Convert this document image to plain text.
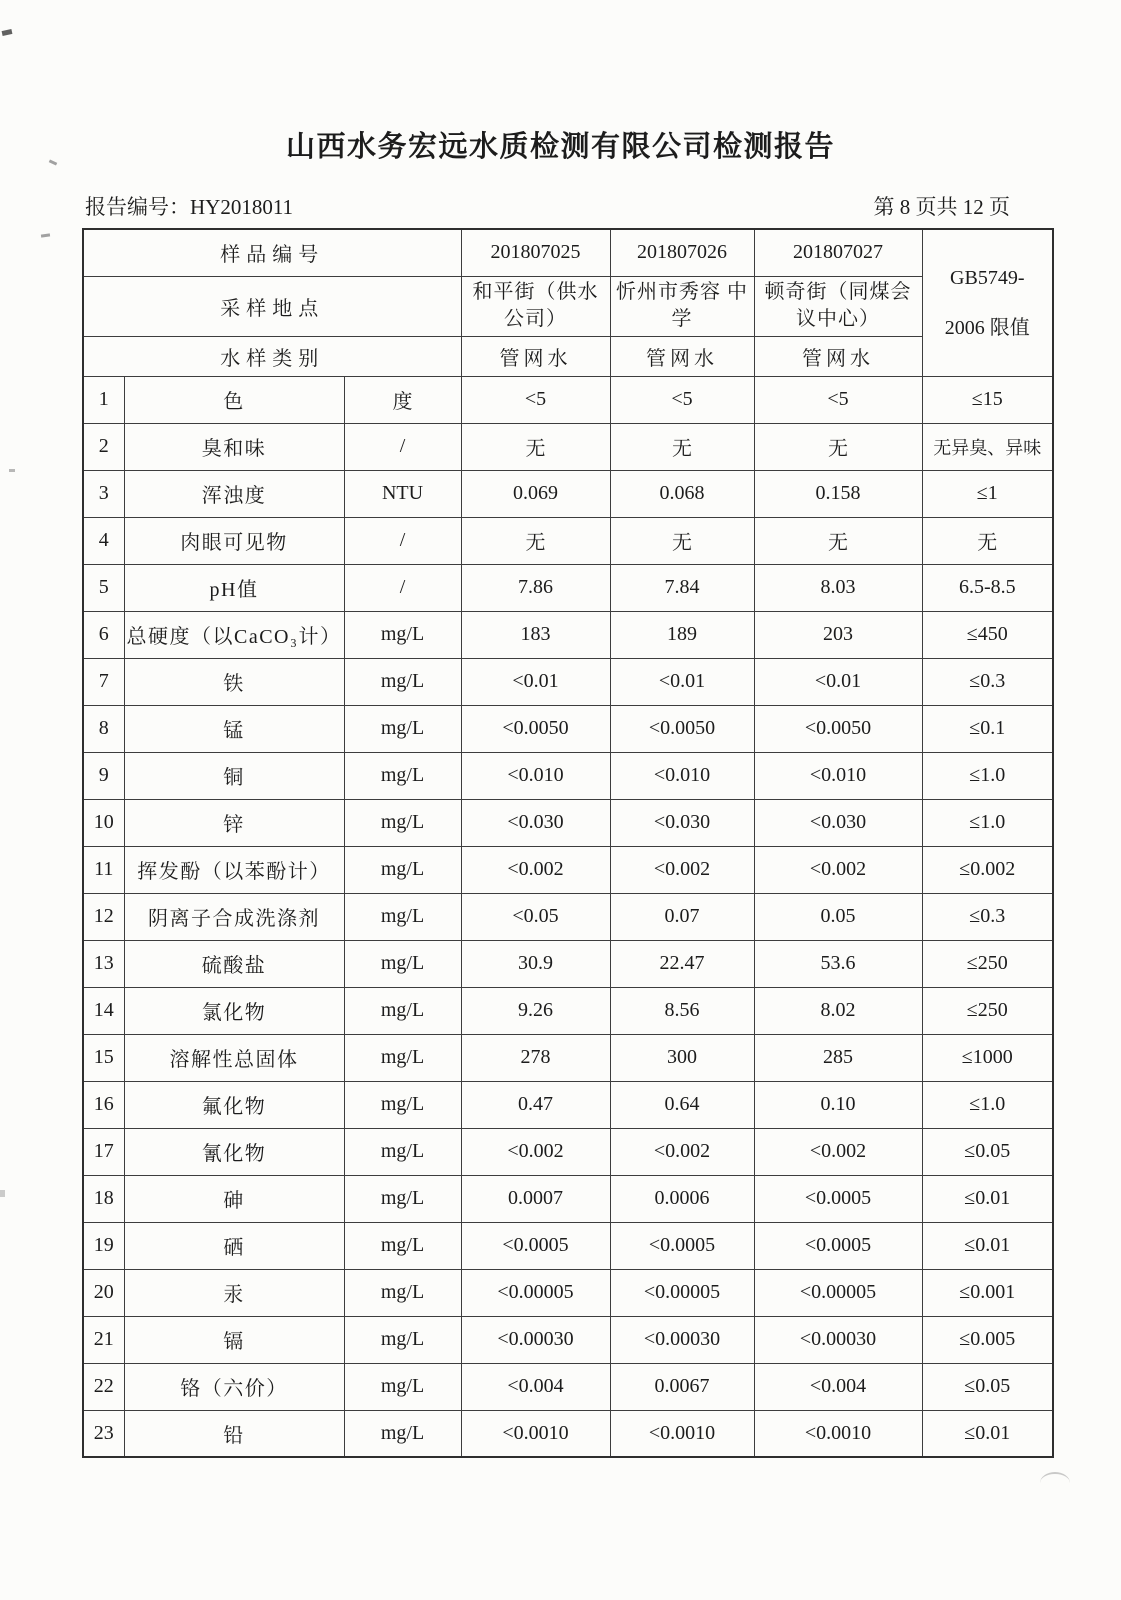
山西水务宏远水质检测有限公司检测报告
报告编号：HY2018011	第 8 页共 12 页
样品编号			201807025	201807026	201807027	GB5749-
2006 限值

采样地点			和平街（供水 公司）	忻州市秀容 中学	顿奇街（同煤会 议中心）	
水样类别			管网水	管网水	管网水	
1	色	度	<5	<5	<5	≤15
2	臭和味	/	无	无	无	无异臭、异味
3	浑浊度	NTU	0.069	0.068	0.158	≤1
4	肉眼可见物	/	无	无	无	无
5	pH值	/	7.86	7.84	8.03	6.5-8.5
6	总硬度（以CaCO₃计）	mg/L	183	189	203	≤450
7	铁	mg/L	<0.01	<0.01	<0.01	≤0.3
8	锰	mg/L	<0.0050	<0.0050	<0.0050	≤0.1
9	铜	mg/L	<0.010	<0.010	<0.010	≤1.0
10	锌	mg/L	<0.030	<0.030	<0.030	≤1.0
11	挥发酚（以苯酚计）	mg/L	<0.002	<0.002	<0.002	≤0.002
12	阴离子合成洗涤剂	mg/L	<0.05	0.07	0.05	≤0.3
13	硫酸盐	mg/L	30.9	22.47	53.6	≤250
14	氯化物	mg/L	9.26	8.56	8.02	≤250
15	溶解性总固体	mg/L	278	300	285	≤1000
16	氟化物	mg/L	0.47	0.64	0.10	≤1.0
17	氰化物	mg/L	<0.002	<0.002	<0.002	≤0.05
18	砷	mg/L	0.0007	0.0006	<0.0005	≤0.01
19	硒	mg/L	<0.0005	<0.0005	<0.0005	≤0.01
20	汞	mg/L	<0.00005	<0.00005	<0.00005	≤0.001
21	镉	mg/L	<0.00030	<0.00030	<0.00030	≤0.005
22	铬（六价）	mg/L	<0.004	0.0067	<0.004	≤0.05
23	铅	mg/L	<0.0010	<0.0010	<0.0010	≤0.01
